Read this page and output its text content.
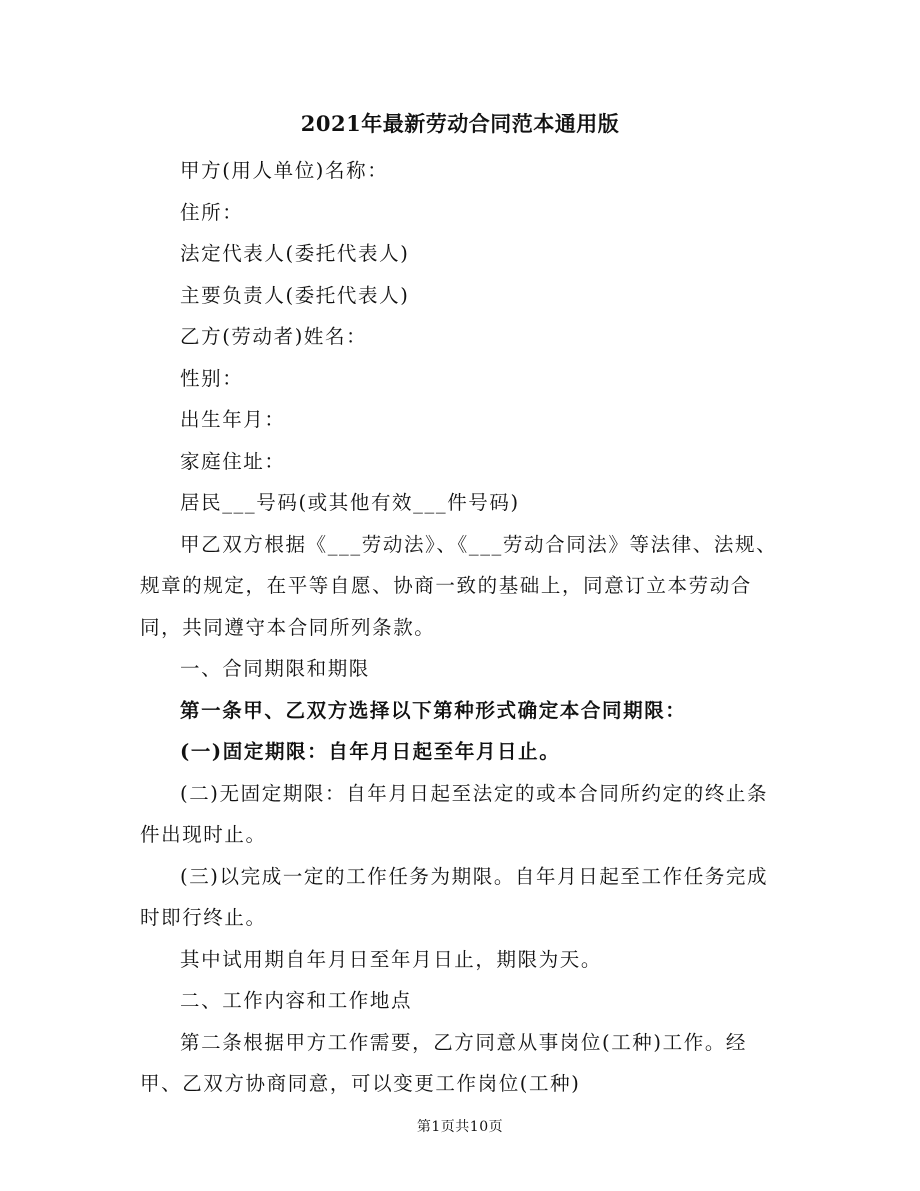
2021年最新劳动合同范本通用版

甲方(用人单位)名称：

住所：

法定代表人(委托代表人)

主要负责人(委托代表人)

乙方(劳动者)姓名：

性别：

出生年月：

家庭住址：

居民___号码(或其他有效___件号码)

甲乙双方根据《___劳动法》、《___劳动合同法》等法律、法规、规章的规定，在平等自愿、协商一致的基础上，同意订立本劳动合同，共同遵守本合同所列条款。

一、合同期限和期限

第一条甲、乙双方选择以下第种形式确定本合同期限：

(一)固定期限：自年月日起至年月日止。

(二)无固定期限：自年月日起至法定的或本合同所约定的终止条件出现时止。

(三)以完成一定的工作任务为期限。自年月日起至工作任务完成时即行终止。

其中试用期自年月日至年月日止，期限为天。

二、工作内容和工作地点

第二条根据甲方工作需要，乙方同意从事岗位(工种)工作。经甲、乙双方协商同意，可以变更工作岗位(工种)

第1页共10页
